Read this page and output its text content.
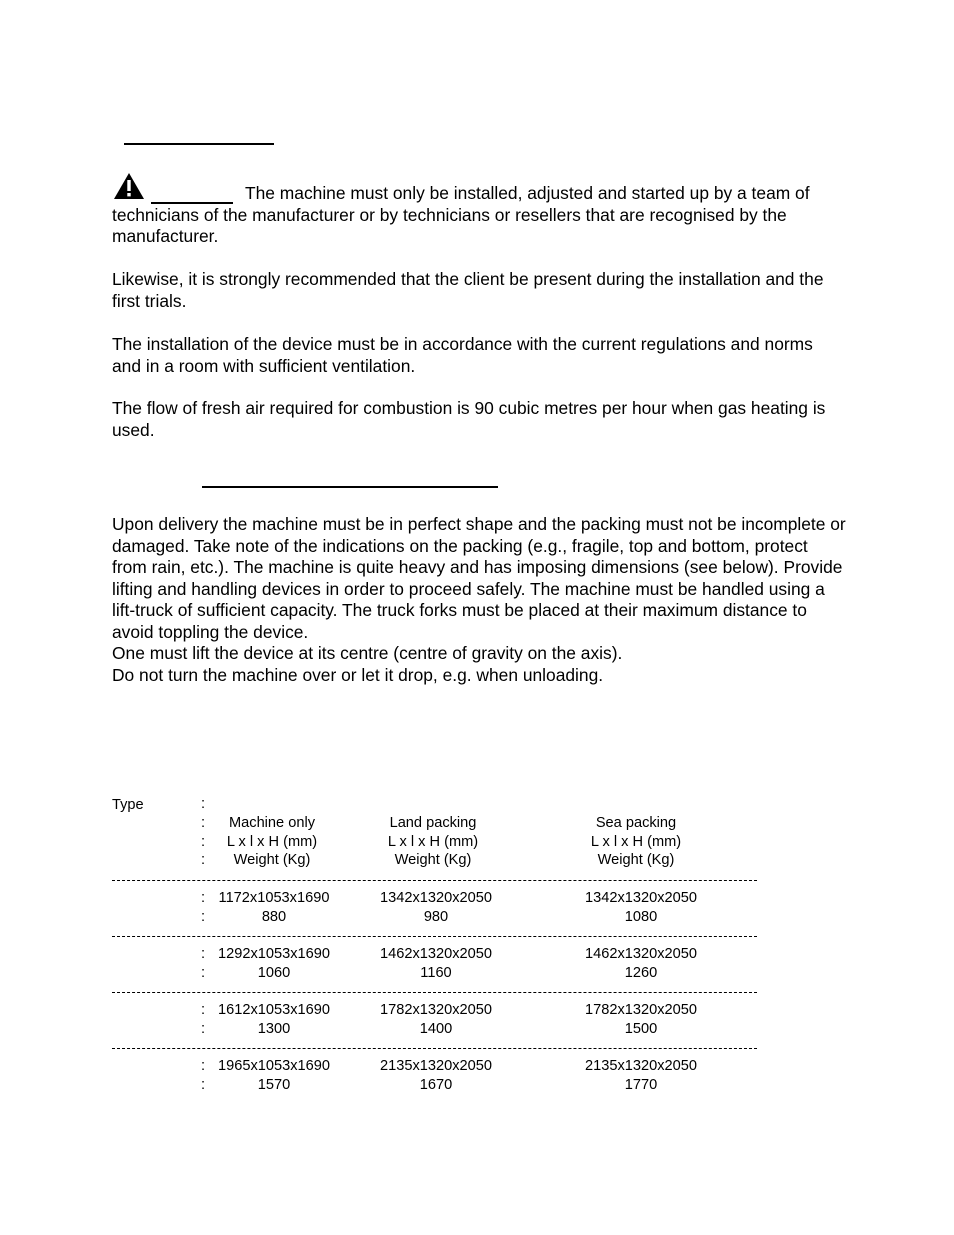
The machine must only be installed, adjusted and started up by a team of technicians of the manufacturer or by technicians or resellers that are recognised by the manufacturer.

Likewise, it is strongly recommended that the client be present during the installation and the first trials.

The installation of the device must be in accordance with the current regulations and norms and in a room with sufficient ventilation.

The flow of fresh air required for combustion is 90 cubic metres per hour when gas heating is used.

Upon delivery the machine must be in perfect shape and the packing must not be incomplete or damaged. Take note of the indications on the packing (e.g., fragile, top and bottom, protect from rain, etc.). The machine is quite heavy and has imposing dimensions (see below). Provide lifting and handling devices in order to proceed safely. The machine must be handled using a lift-truck of sufficient capacity. The truck forks must be placed at their maximum distance to avoid toppling the device.

One must lift the device at its centre (centre of gravity on the axis).

Do not turn the machine over or let it drop, e.g. when unloading.

Type	:
:
:
:
Machine only
L x l x H (mm)
Weight (Kg)
Land packing
L x l x H (mm)
Weight (Kg)
Sea packing
L x l x H (mm)
Weight (Kg)
:
:
1172x1053x1690
880
1342x1320x2050
980
1342x1320x2050
1080
:
:
1292x1053x1690
1060
1462x1320x2050
1160
1462x1320x2050
1260
:
:
1612x1053x1690
1300
1782x1320x2050
1400
1782x1320x2050
1500
:
:
1965x1053x1690
1570
2135x1320x2050
1670
2135x1320x2050
1770
